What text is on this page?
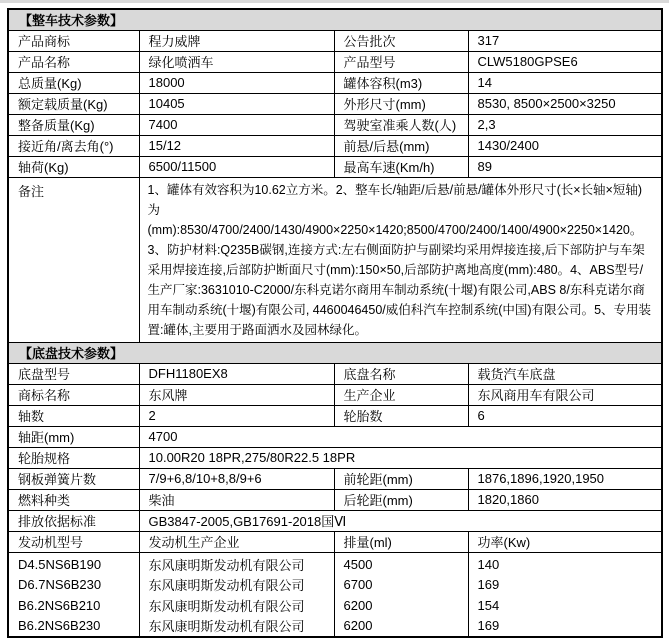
【整车技术参数】			
产品商标	程力威牌	公告批次	317
产品名称	绿化喷洒车	产品型号	CLW5180GPSE6
总质量(Kg)	18000	罐体容积(m3)	14
额定载质量(Kg)	10405	外形尺寸(mm)	8530, 8500×2500×3250
整备质量(Kg)	7400	驾驶室准乘人数(人)	2,3
接近角/离去角(°)	15/12	前悬/后悬(mm)	1430/2400
轴荷(Kg)	6500/11500	最高车速(Km/h)	89
备注	1、罐体有效容积为10.62立方米。2、整车长/轴距/后悬/前悬/罐体外形尺寸(长×长轴×短轴)为(mm):8530/4700/2400/1430/4900×2250×1420;8500/4700/2400/1400/4900×2250×1420。3、防护材料:Q235B碳钢,连接方式:左右侧面防护与副梁均采用焊接连接,后下部防护与车架采用焊接连接,后部防护断面尺寸(mm):150×50,后部防护离地高度(mm):480。4、ABS型号/生产厂家:3631010-C2000/东科克诺尔商用车制动系统(十堰)有限公司,ABS 8/东科克诺尔商用车制动系统(十堰)有限公司, 4460046450/威伯科汽车控制系统(中国)有限公司。5、专用装置:罐体,主要用于路面洒水及园林绿化。		
【底盘技术参数】			
底盘型号	DFH1180EX8	底盘名称	载货汽车底盘
商标名称	东风牌	生产企业	东风商用车有限公司
轴数	2	轮胎数	6
轴距(mm)	4700		
轮胎规格	10.00R20 18PR,275/80R22.5 18PR		
钢板弹簧片数	7/9+6,8/10+8,8/9+6	前轮距(mm)	1876,1896,1920,1950
燃料种类	柴油	后轮距(mm)	1820,1860
排放依据标准	GB3847-2005,GB17691-2018国Ⅵ		
发动机型号	发动机生产企业	排量(ml)	功率(Kw)
D4.5NS6B190	东风康明斯发动机有限公司	4500	140
D6.7NS6B230	东风康明斯发动机有限公司	6700	169
B6.2NS6B210	东风康明斯发动机有限公司	6200	154
B6.2NS6B230	东风康明斯发动机有限公司	6200	169
